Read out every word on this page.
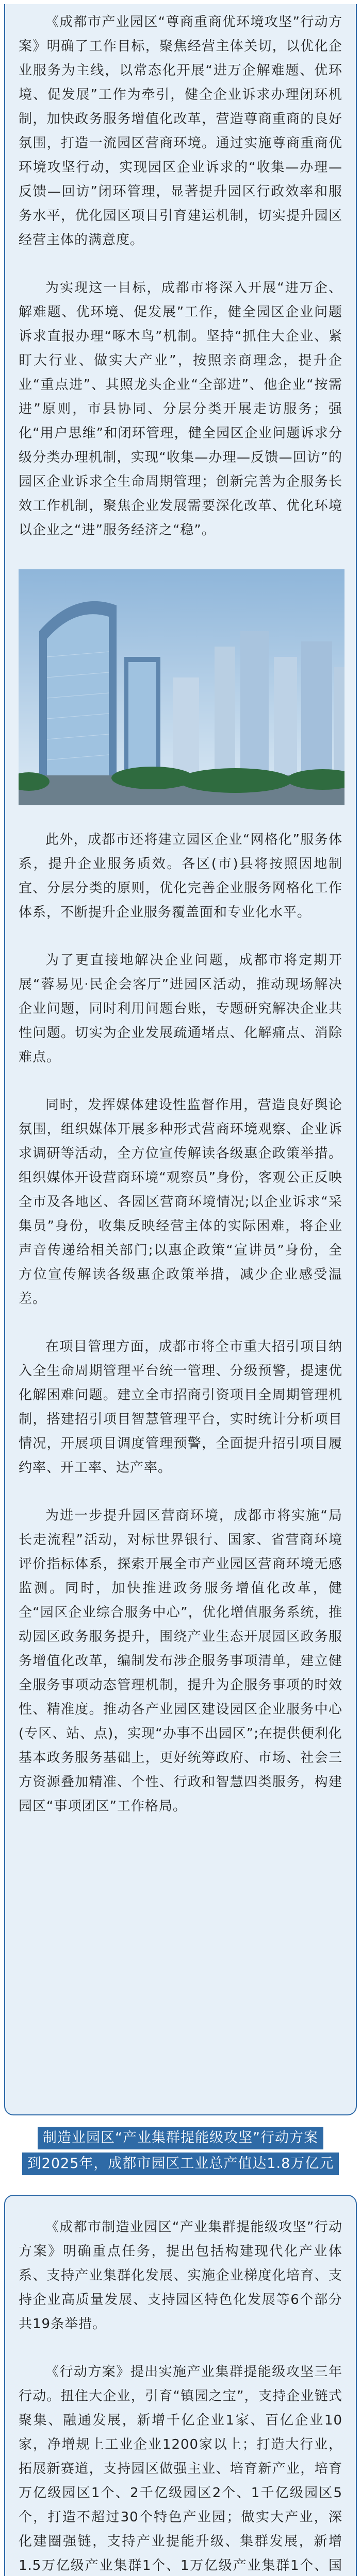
《成都市产业园区“尊商重商优环境攻坚”行动方案》明确了工作目标，聚焦经营主体关切，以优化企业服务为主线，以常态化开展“进万企解难题、优环境、促发展”工作为牵引，健全企业诉求办理闭环机制，加快政务服务增值化改革，营造尊商重商的良好氛围，打造一流园区营商环境。通过实施尊商重商优环境攻坚行动，实现园区企业诉求的“收集—办理—反馈—回访”闭环管理，显著提升园区行政效率和服务水平，优化园区项目引育建运机制，切实提升园区经营主体的满意度。

为实现这一目标，成都市将深入开展“进万企、解难题、优环境、促发展”工作，健全园区企业问题诉求直报办理“啄木鸟”机制。坚持“抓住大企业、紧盯大行业、做实大产业”，按照亲商理念，提升企业“重点进”、其照龙头企业“全部进”、他企业“按需进”原则，市县协同、分层分类开展走访服务；强化“用户思维”和闭环管理，健全园区企业问题诉求分级分类办理机制，实现“收集—办理—反馈—回访”的园区企业诉求全生命周期管理；创新完善为企服务长效工作机制，聚焦企业发展需要深化改革、优化环境以企业之“进”服务经济之“稳”。

此外，成都市还将建立园区企业“网格化”服务体系，提升企业服务质效。各区(市)县将按照因地制宜、分层分类的原则，优化完善企业服务网格化工作体系，不断提升企业服务覆盖面和专业化水平。

为了更直接地解决企业问题，成都市将定期开展“蓉易见·民企会客厅”进园区活动，推动现场解决企业问题，同时利用问题台账，专题研究解决企业共性问题。切实为企业发展疏通堵点、化解痛点、消除难点。

同时，发挥媒体建设性监督作用，营造良好舆论氛围，组织媒体开展多种形式营商环境观察、企业诉求调研等活动，全方位宣传解读各级惠企政策举措。组织媒体开设营商环境“观察员”身份，客观公正反映全市及各地区、各园区营商环境情况;以企业诉求“采集员”身份，收集反映经营主体的实际困难，将企业声音传递给相关部门;以惠企政策“宣讲员”身份，全方位宣传解读各级惠企政策举措，减少企业感受温差。

在项目管理方面，成都市将全市重大招引项目纳入全生命周期管理平台统一管理、分级预警，提速优化解困难问题。建立全市招商引资项目全周期管理机制，搭建招引项目智慧管理平台，实时统计分析项目情况，开展项目调度管理预警，全面提升招引项目履约率、开工率、达产率。

为进一步提升园区营商环境，成都市将实施“局长走流程”活动，对标世界银行、国家、省营商环境评价指标体系，探索开展全市产业园区营商环境无感监测。同时，加快推进政务服务增值化改革，健全“园区企业综合服务中心”，优化增值服务系统，推动园区政务服务提升，围绕产业生态开展园区政务服务增值化改革，编制发布涉企服务事项清单，建立健全服务事项动态管理机制，提升为企服务事项的时效性、精准度。推动各产业园区建设园区企业服务中心(专区、站、点)，实现“办事不出园区”;在提供便利化基本政务服务基础上，更好统筹政府、市场、社会三方资源叠加精准、个性、行政和智慧四类服务，构建园区“事项团区”工作格局。

制造业园区“产业集群提能级攻坚”行动方案
到2025年，成都市园区工业总产值达1.8万亿元

《成都市制造业园区“产业集群提能级攻坚”行动方案》明确重点任务，提出包括构建现代化产业体系、支持产业集群化发展、实施企业梯度化培育、支持企业高质量发展、支持园区特色化发展等6个部分共19条举措。

《行动方案》提出实施产业集群提能级攻坚三年行动。扭住大企业，引育“镇园之宝”，支持企业链式聚集、融通发展，新增千亿企业1家、百亿企业10家，净增规上工业企业1200家以上；打造大行业，拓展新赛道，支持园区做强主业、培育新产业，培育万亿级园区1个、2千亿级园区2个、1千亿级园区5个，打造不超过30个特色产业园；做实大产业，深化建圈强链，支持产业提能升级、集群发展，新增1.5万亿级产业集群1个、1万亿级产业集群1个、国
